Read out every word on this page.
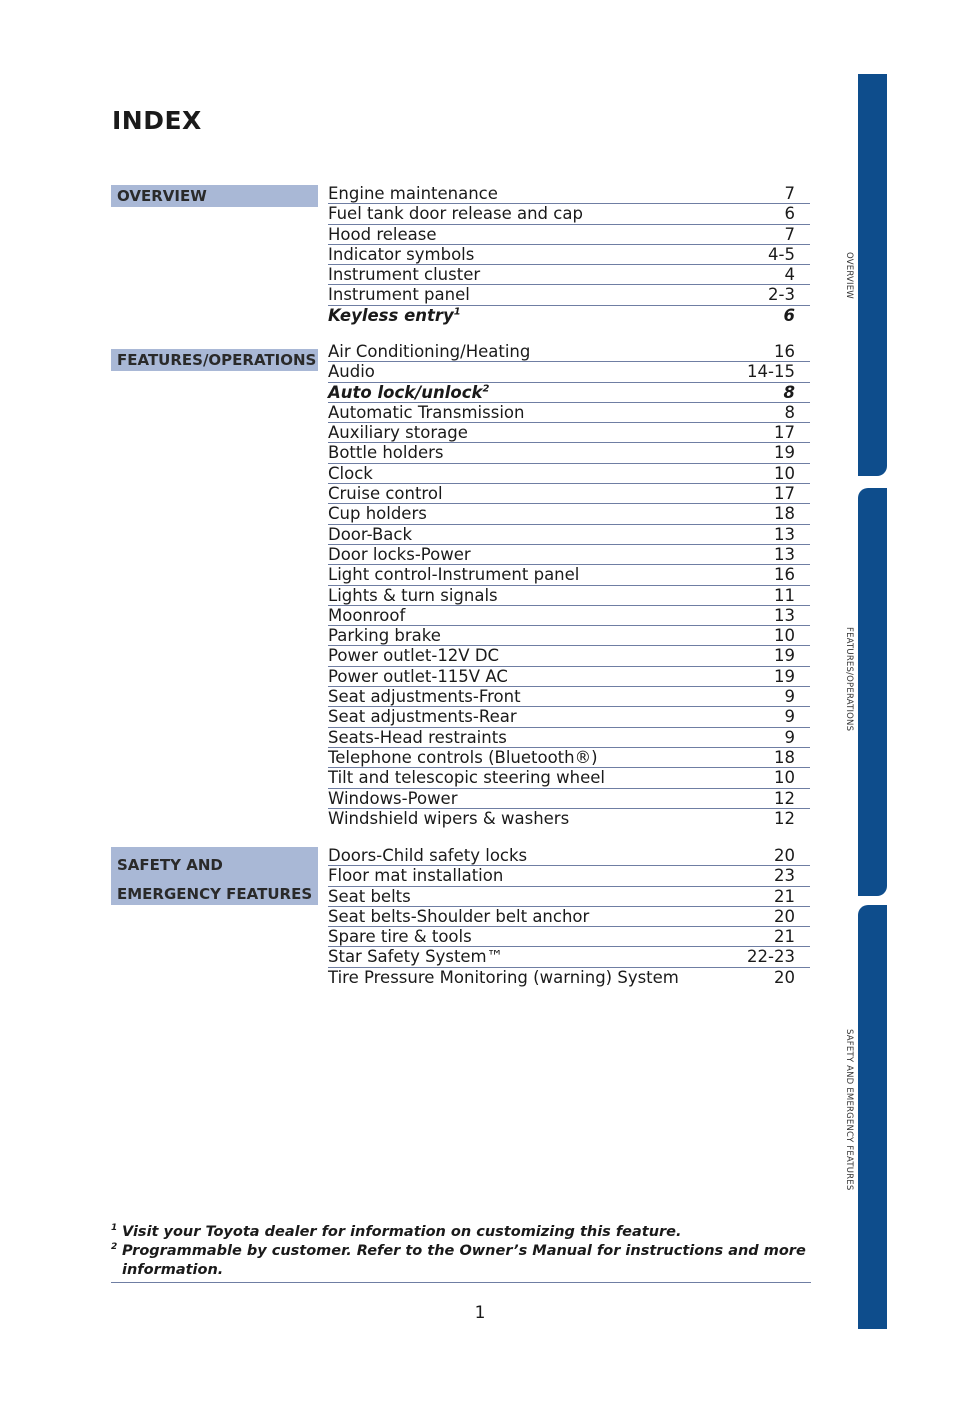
INDEX
OVERVIEW	Engine maintenance	7
Fuel tank door release and cap	6
Hood release	7
Indicator symbols	4-5
Instrument cluster	4
Instrument panel	2-3
Keyless entry$^1$	6
FEATURES/OPERATIONS Air Conditioning/Heating	16
Audio	14-15
Auto lock/unlock$^2$	8
Automatic Transmission	8
Auxiliary storage	17
Bottle holders	19
Clock	10
Cruise control	17
Cup holders	18
Door-Back	13
Door locks-Power	13
Light control-Instrument panel	16
Lights & turn signals	11
Moonroof	13
Parking brake	10
Power outlet-12V DC	19
Power outlet-115V AC	19
Seat adjustments-Front	9
Seat adjustments-Rear	9
Seats-Head restraints	9
Telephone controls (Bluetooth®)	18
Tilt and telescopic steering wheel	10
Windows-Power	12
Windshield wipers & washers	12
SAFETY AND
EMERGENCY FEATURES
Doors-Child safety locks	20
Floor mat installation	23
Seat belts	21
Seat belts-Shoulder belt anchor	20
Spare tire & tools	21
Star Safety System™	22-23
Tire Pressure Monitoring (warning) System	20
1 Visit your Toyota dealer for information on customizing this feature.
2 Programmable by customer. Refer to the Owner’s Manual for instructions and more information.
1
OVERVIEW
FEATURES/OPERATIONS
SAFETY AND EMERGENCY FEATURES
